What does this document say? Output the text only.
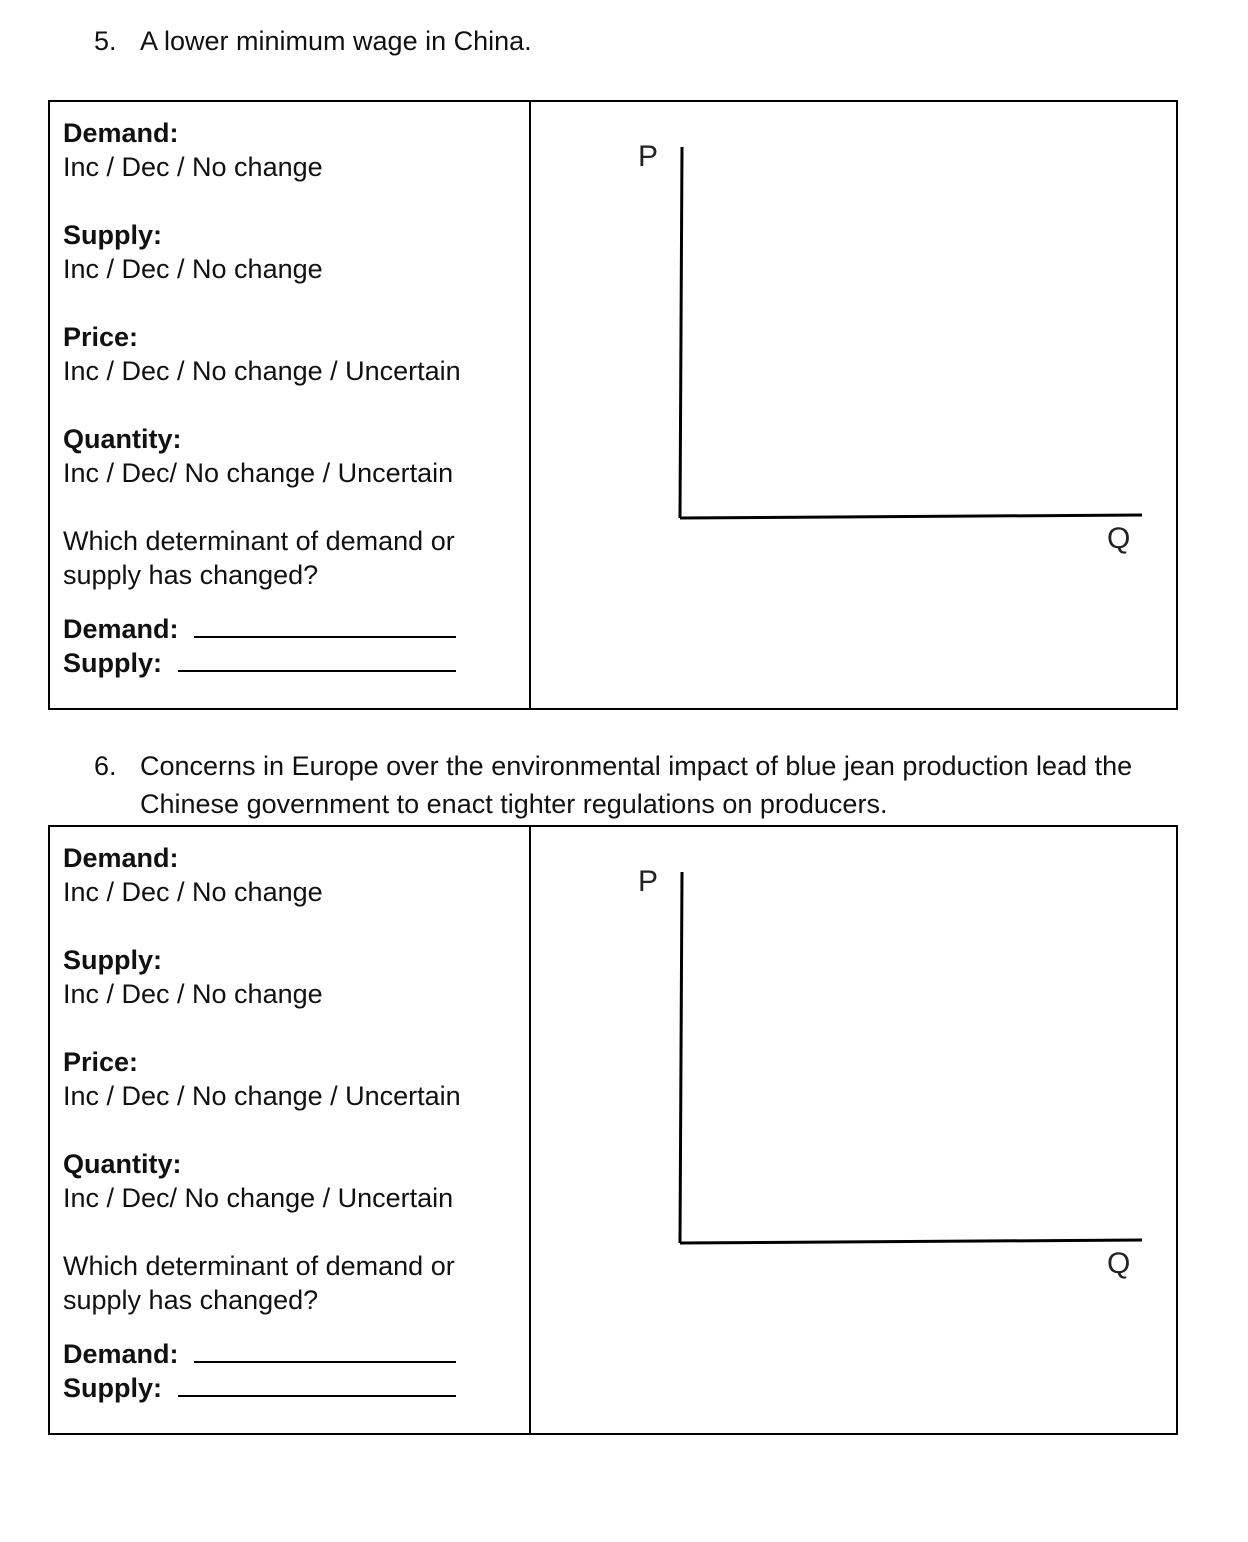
5. A lower minimum wage in China.
Demand:
Inc / Dec / No change
Supply:
Inc / Dec / No change
Price:
Inc / Dec / No change / Uncertain
Quantity:
Inc / Dec/ No change / Uncertain
Which determinant of demand or supply has changed?
Demand:
Supply:
P
Q
6. Concerns in Europe over the environmental impact of blue jean production lead the Chinese government to enact tighter regulations on producers.
Demand:
Inc / Dec / No change
Supply:
Inc / Dec / No change
Price:
Inc / Dec / No change / Uncertain
Quantity:
Inc / Dec/ No change / Uncertain
Which determinant of demand or supply has changed?
Demand:
Supply:
P
Q
